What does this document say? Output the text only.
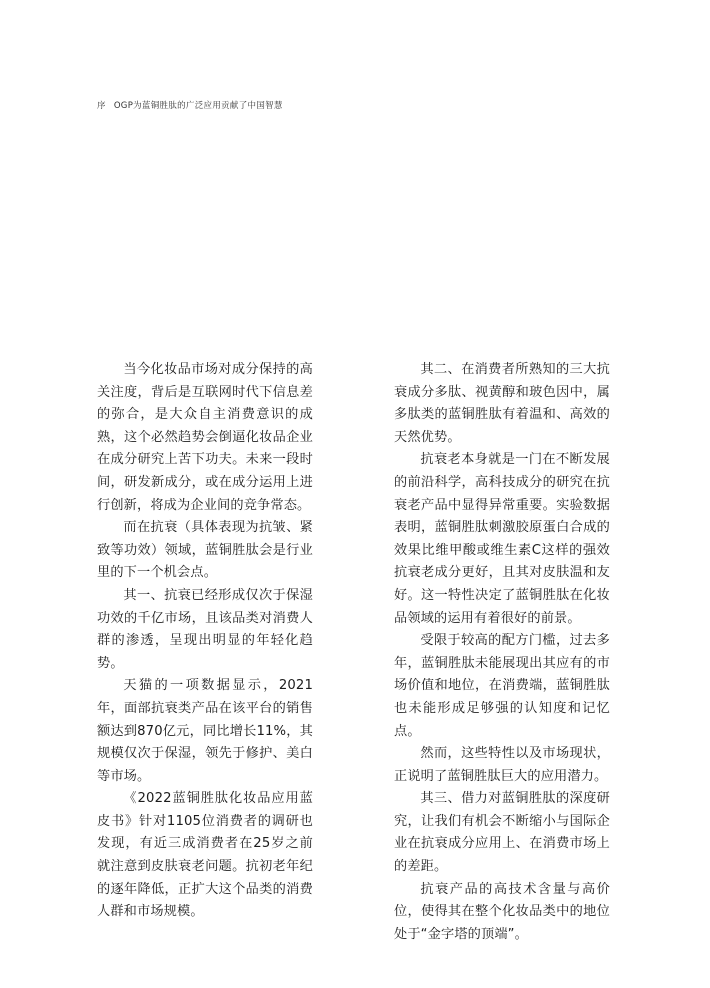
序 OGP为蓝铜胜肽的广泛应用贡献了中国智慧

当今化妆品市场对成分保持的高关注度，背后是互联网时代下信息差的弥合，是大众自主消费意识的成熟，这个必然趋势会倒逼化妆品企业在成分研究上苦下功夫。未来一段时间，研发新成分，或在成分运用上进行创新，将成为企业间的竞争常态。

而在抗衰（具体表现为抗皱、紧致等功效）领域，蓝铜胜肽会是行业里的下一个机会点。

其一、抗衰已经形成仅次于保湿功效的千亿市场，且该品类对消费人群的渗透，呈现出明显的年轻化趋势。

天猫的一项数据显示，2021年，面部抗衰类产品在该平台的销售额达到870亿元，同比增长11%，其规模仅次于保湿，领先于修护、美白等市场。

《2022蓝铜胜肽化妆品应用蓝皮书》针对1105位消费者的调研也发现，有近三成消费者在25岁之前就注意到皮肤衰老问题。抗初老年纪的逐年降低，正扩大这个品类的消费人群和市场规模。

其二、在消费者所熟知的三大抗衰成分多肽、视黄醇和玻色因中，属多肽类的蓝铜胜肽有着温和、高效的天然优势。

抗衰老本身就是一门在不断发展的前沿科学，高科技成分的研究在抗衰老产品中显得异常重要。实验数据表明，蓝铜胜肽刺激胶原蛋白合成的效果比维甲酸或维生素C这样的强效抗衰老成分更好，且其对皮肤温和友好。这一特性决定了蓝铜胜肽在化妆品领域的运用有着很好的前景。

受限于较高的配方门槛，过去多年，蓝铜胜肽未能展现出其应有的市场价值和地位，在消费端，蓝铜胜肽也未能形成足够强的认知度和记忆点。

然而，这些特性以及市场现状，正说明了蓝铜胜肽巨大的应用潜力。

其三、借力对蓝铜胜肽的深度研究，让我们有机会不断缩小与国际企业在抗衰成分应用上、在消费市场上的差距。

抗衰产品的高技术含量与高价位，使得其在整个化妆品类中的地位处于“金字塔的顶端”。
